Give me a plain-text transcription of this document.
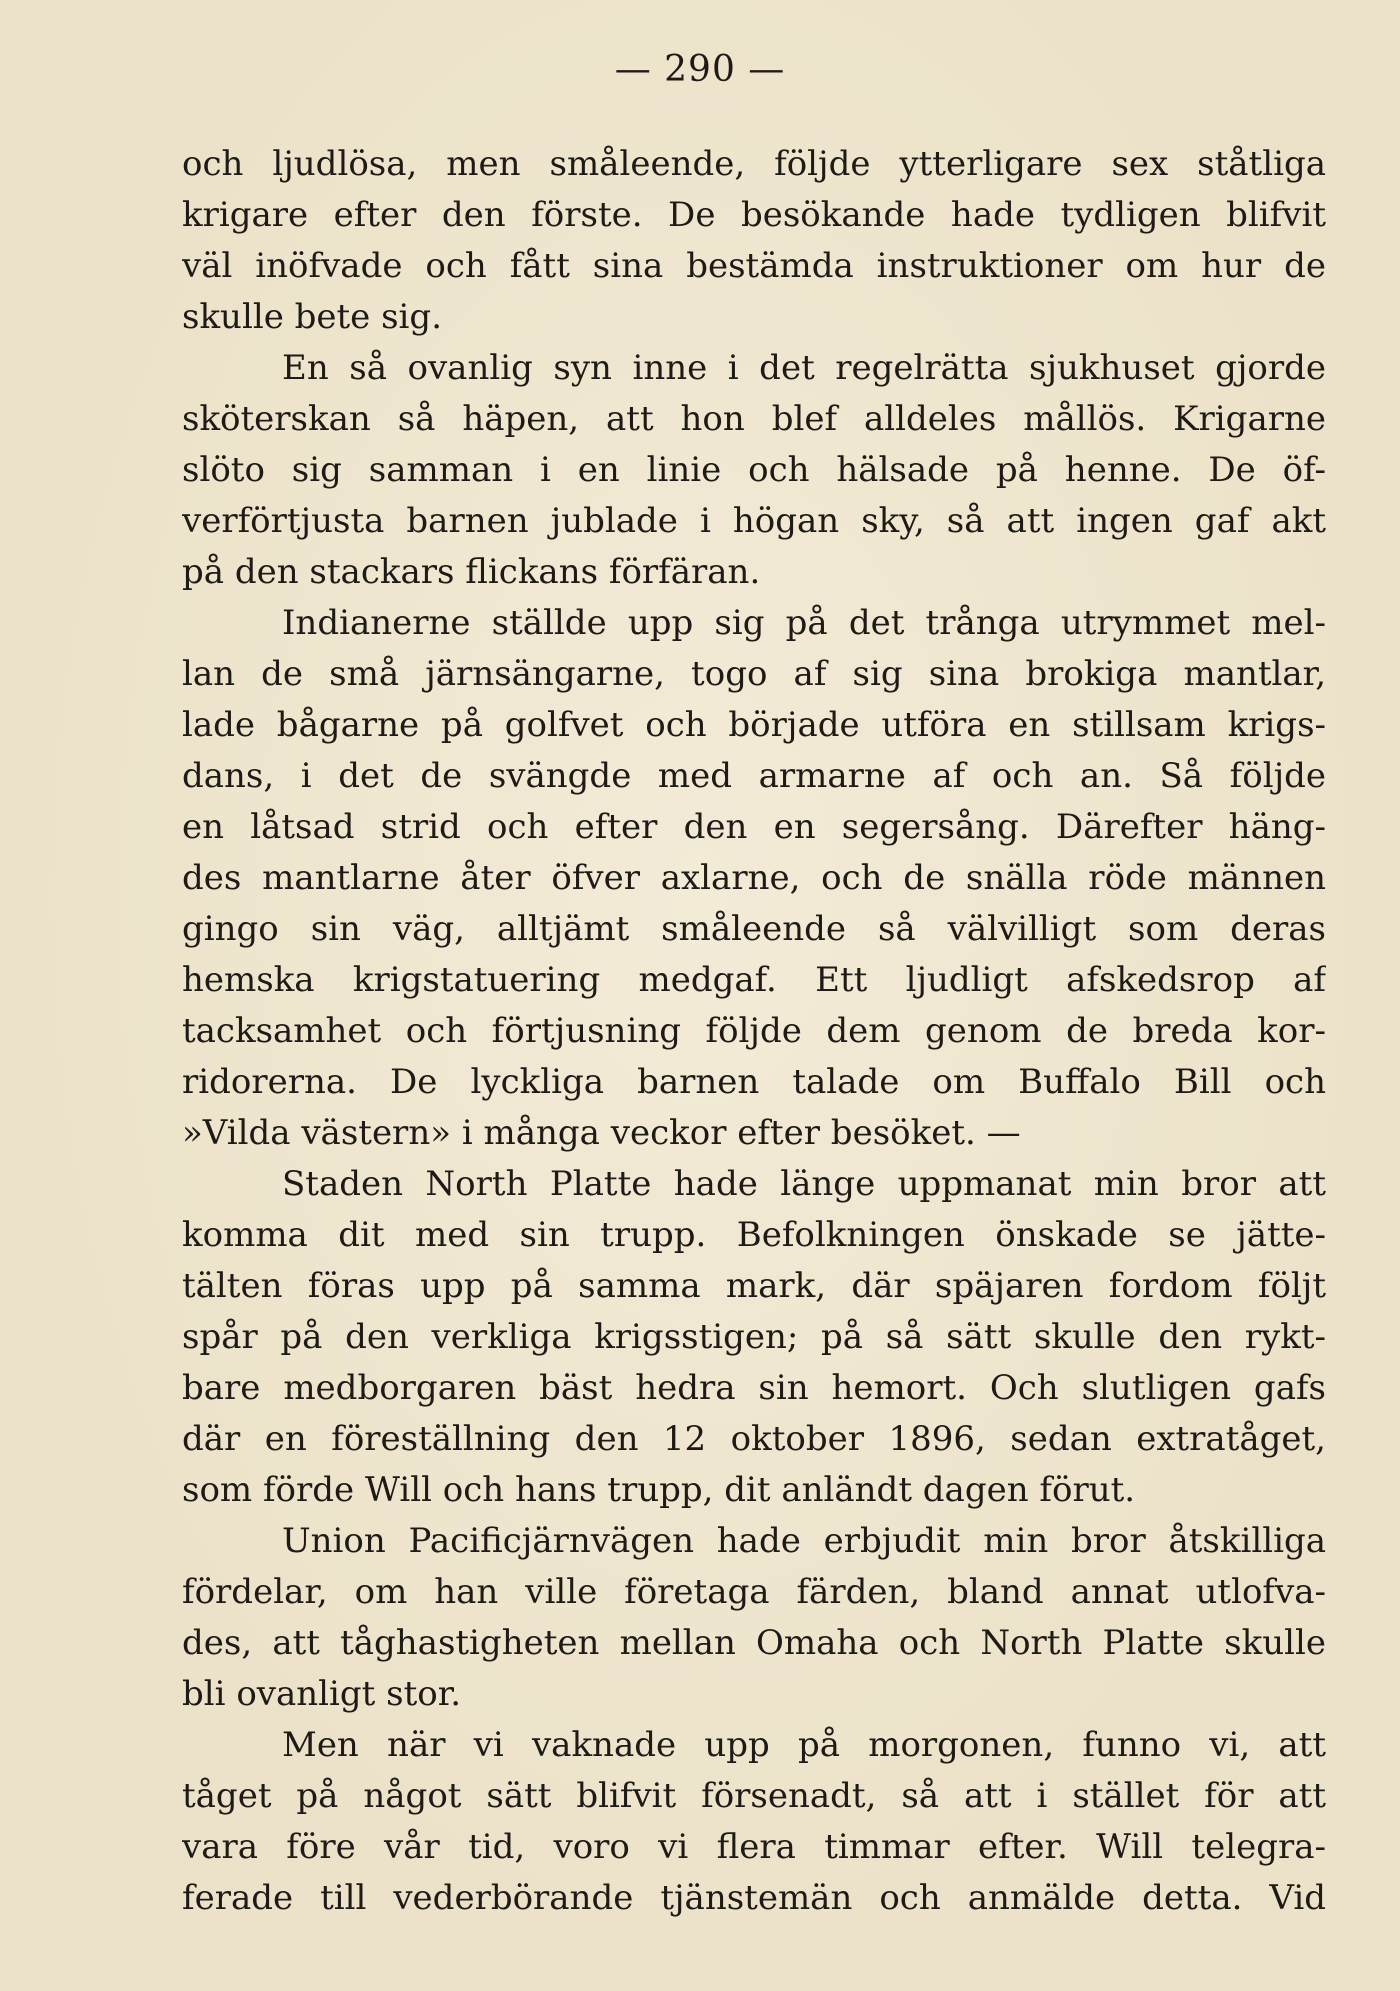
— 290 —
och ljudlösa, men småleende, följde ytterligare sex ståtliga
krigare efter den förste. De besökande hade tydligen blifvit
väl inöfvade och fått sina bestämda instruktioner om hur de
skulle bete sig.
En så ovanlig syn inne i det regelrätta sjukhuset gjorde
sköterskan så häpen, att hon blef alldeles mållös. Krigarne
slöto sig samman i en linie och hälsade på henne. De öf-
verförtjusta barnen jublade i högan sky, så att ingen gaf akt
på den stackars flickans förfäran.
Indianerne ställde upp sig på det trånga utrymmet mel-
lan de små järnsängarne, togo af sig sina brokiga mantlar,
lade bågarne på golfvet och började utföra en stillsam krigs-
dans, i det de svängde med armarne af och an. Så följde
en låtsad strid och efter den en segersång. Därefter häng-
des mantlarne åter öfver axlarne, och de snälla röde männen
gingo sin väg, alltjämt småleende så välvilligt som deras
hemska krigstatuering medgaf. Ett ljudligt afskedsrop af
tacksamhet och förtjusning följde dem genom de breda kor-
ridorerna. De lyckliga barnen talade om Buffalo Bill och
»Vilda västern» i många veckor efter besöket. —
Staden North Platte hade länge uppmanat min bror att
komma dit med sin trupp. Befolkningen önskade se jätte-
tälten föras upp på samma mark, där späjaren fordom följt
spår på den verkliga krigsstigen; på så sätt skulle den rykt-
bare medborgaren bäst hedra sin hemort. Och slutligen gafs
där en föreställning den 12 oktober 1896, sedan extratåget,
som förde Will och hans trupp, dit anländt dagen förut.
Union Pacificjärnvägen hade erbjudit min bror åtskilliga
fördelar, om han ville företaga färden, bland annat utlofva-
des, att tåghastigheten mellan Omaha och North Platte skulle
bli ovanligt stor.
Men när vi vaknade upp på morgonen, funno vi, att
tåget på något sätt blifvit försenadt, så att i stället för att
vara före vår tid, voro vi flera timmar efter. Will telegra-
ferade till vederbörande tjänstemän och anmälde detta. Vid
